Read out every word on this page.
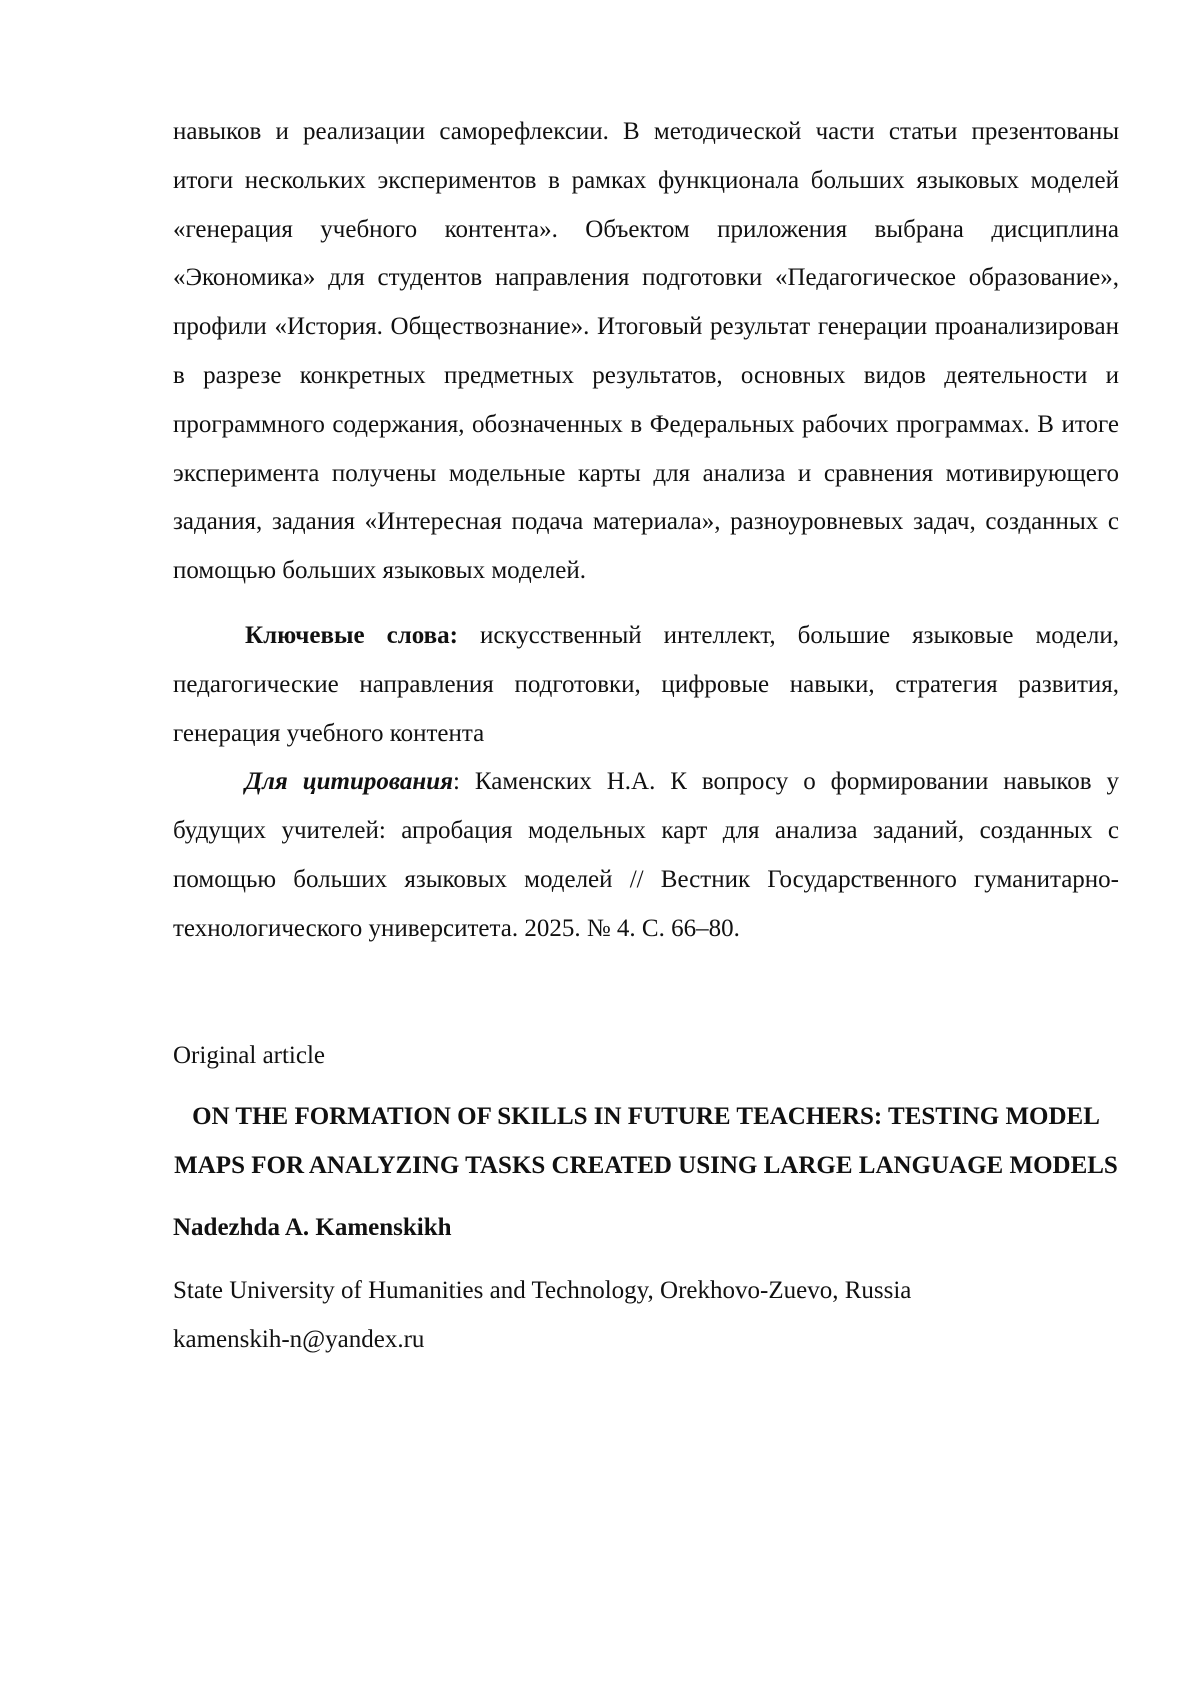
навыков и реализации саморефлексии. В методической части статьи презентованы итоги нескольких экспериментов в рамках функционала больших языковых моделей «генерация учебного контента». Объектом приложения выбрана дисциплина «Экономика» для студентов направления подготовки «Педагогическое образование», профили «История. Обществознание». Итоговый результат генерации проанализирован в разрезе конкретных предметных результатов, основных видов деятельности и программного содержания, обозначенных в Федеральных рабочих программах. В итоге эксперимента получены модельные карты для анализа и сравнения мотивирующего задания, задания «Интересная подача материала», разноуровневых задач, созданных с помощью больших языковых моделей.

Ключевые слова: искусственный интеллект, большие языковые модели, педагогические направления подготовки, цифровые навыки, стратегия развития, генерация учебного контента

Для цитирования: Каменских Н.А. К вопросу о формировании навыков у будущих учителей: апробация модельных карт для анализа заданий, созданных с помощью больших языковых моделей // Вестник Государственного гуманитарно-технологического университета. 2025. № 4. С. 66–80.

Original article

ON THE FORMATION OF SKILLS IN FUTURE TEACHERS: TESTING MODEL MAPS FOR ANALYZING TASKS CREATED USING LARGE LANGUAGE MODELS

Nadezhda A. Kamenskikh

State University of Humanities and Technology, Orekhovo-Zuevo, Russia

kamenskih-n@yandex.ru
